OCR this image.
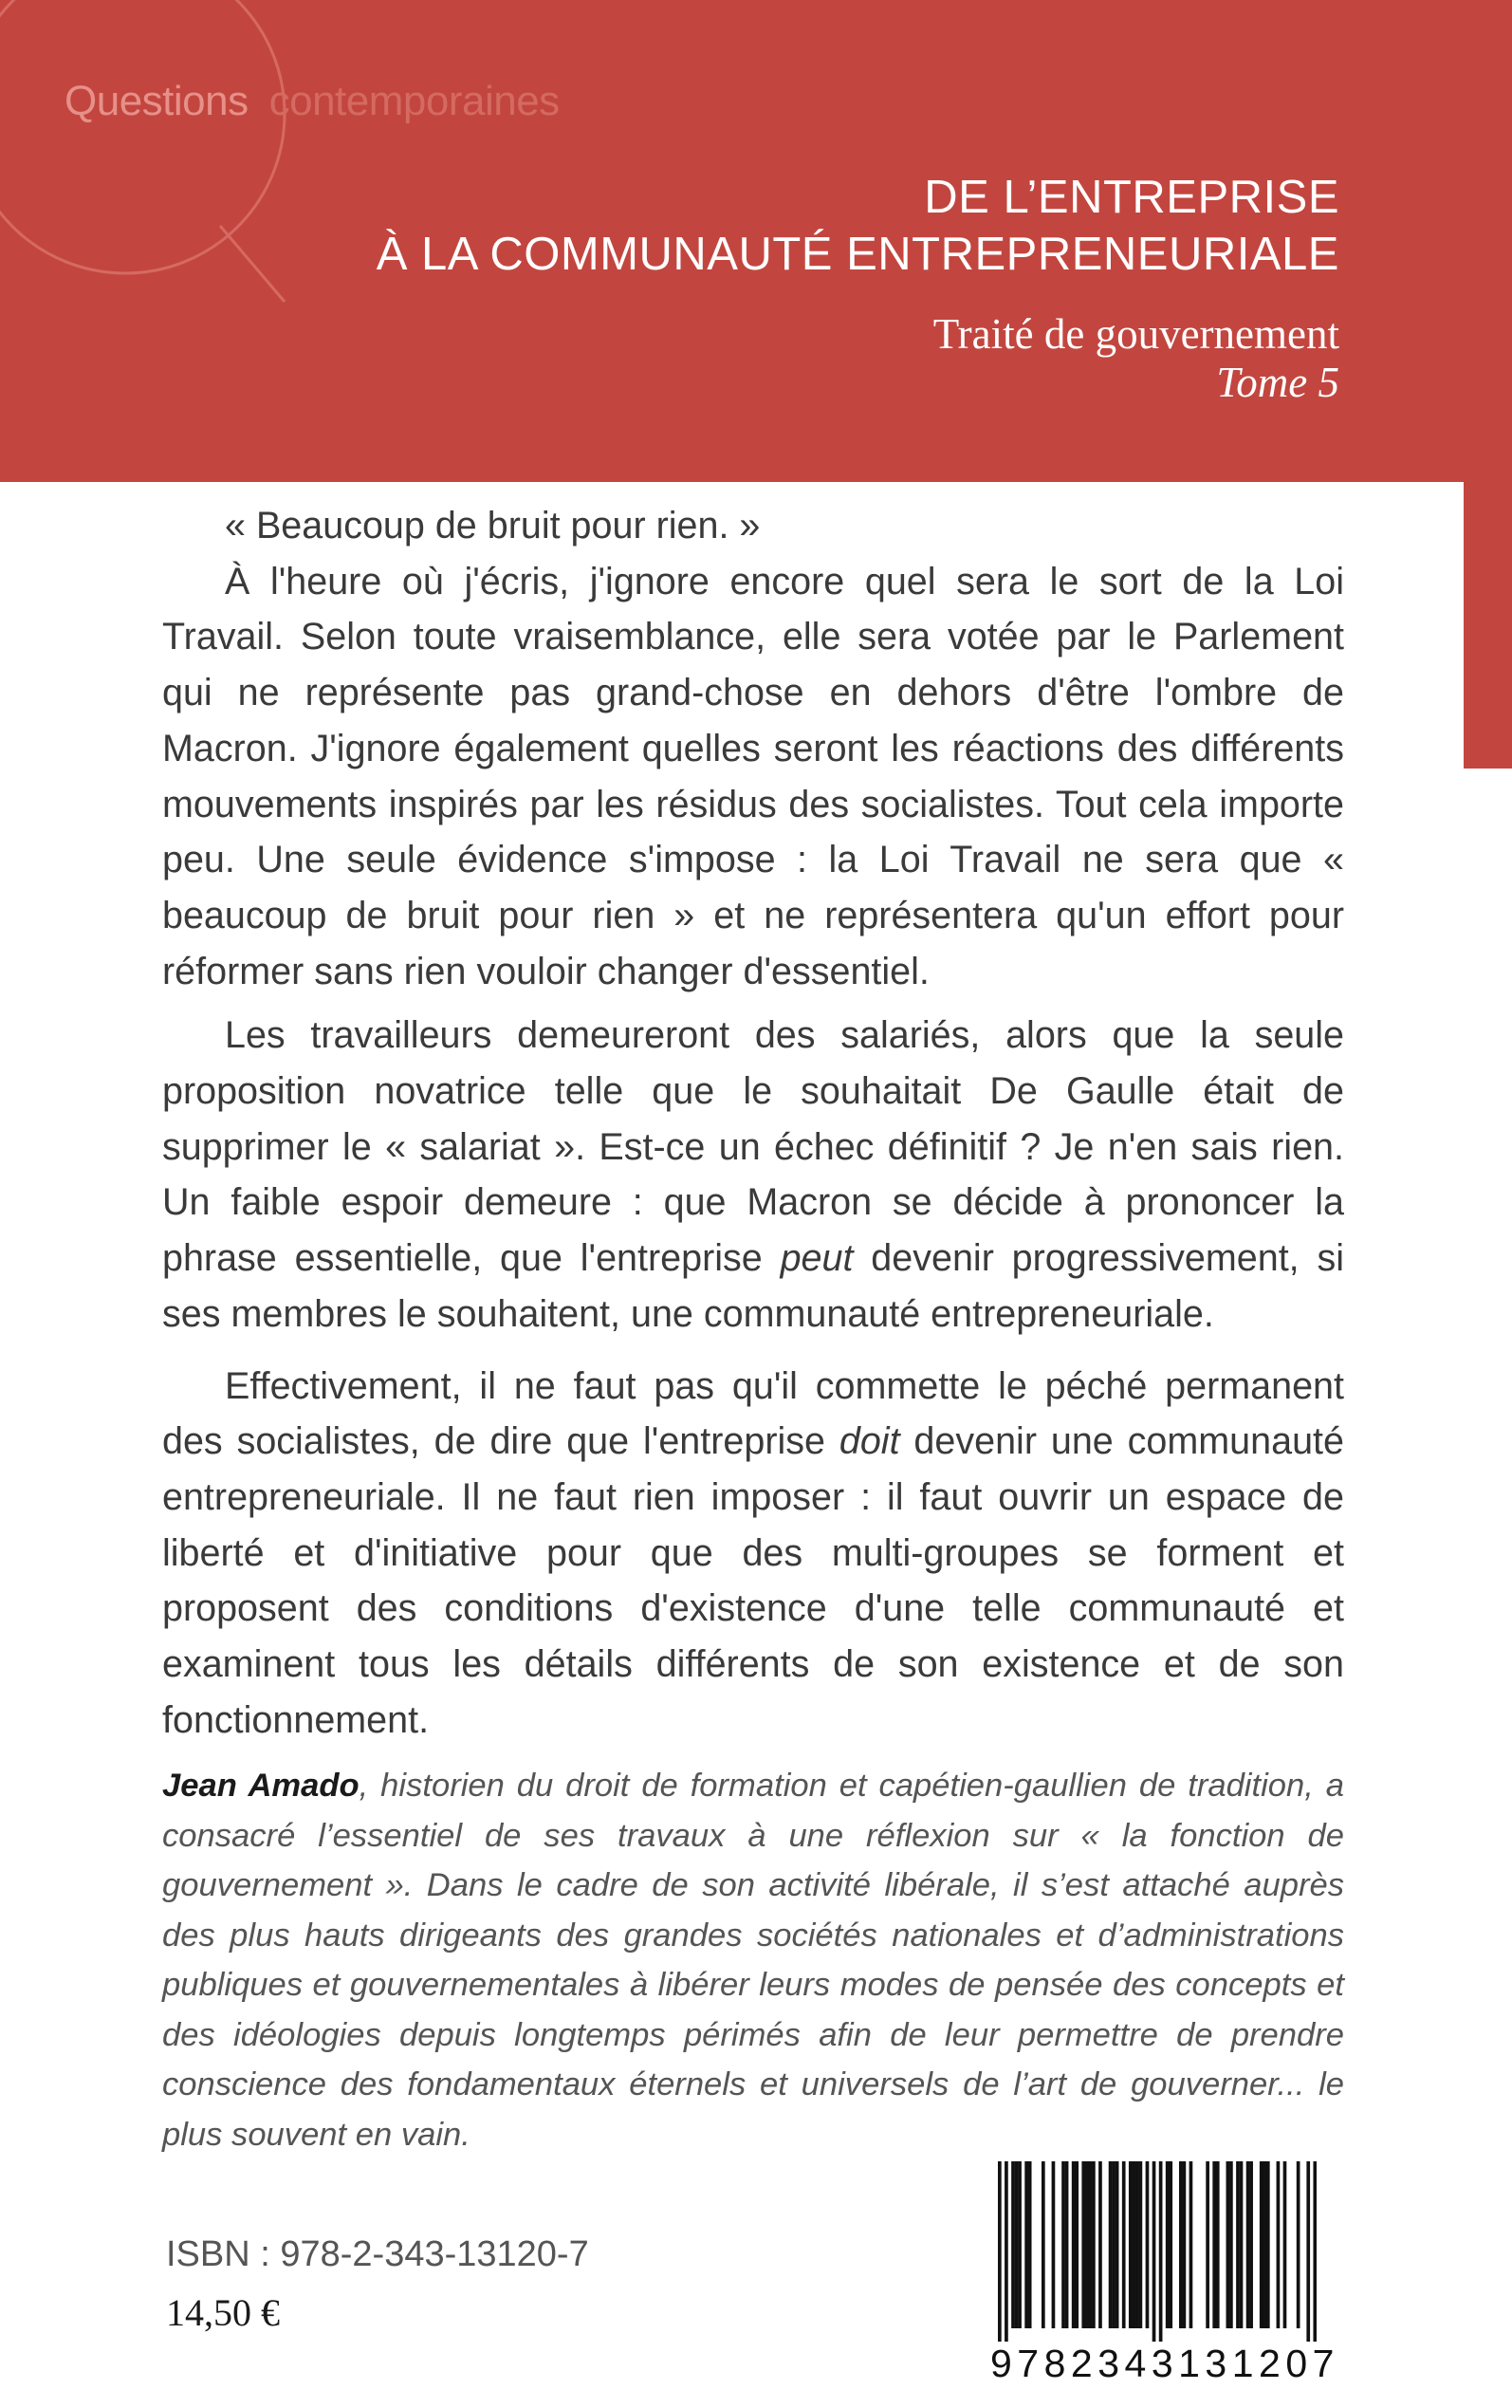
Questions contemporaines
DE L’ENTREPRISE
À LA COMMUNAUTÉ ENTREPRENEURIALE
Traité de gouvernement
Tome 5

« Beaucoup de bruit pour rien. »

À l'heure où j'écris, j'ignore encore quel sera le sort de la Loi Travail. Selon toute vraisemblance, elle sera votée par le Parlement qui ne représente pas grand-chose en dehors d'être l'ombre de Macron. J'ignore également quelles seront les réactions des différents mouvements inspirés par les résidus des socialistes. Tout cela importe peu. Une seule évidence s'impose : la Loi Travail ne sera que « beaucoup de bruit pour rien » et ne représentera qu'un effort pour réformer sans rien vouloir changer d'essentiel.

Les travailleurs demeureront des salariés, alors que la seule proposition novatrice telle que le souhaitait De Gaulle était de supprimer le « salariat ». Est-ce un échec définitif ? Je n'en sais rien. Un faible espoir demeure : que Macron se décide à prononcer la phrase essentielle, que l'entreprise peut devenir progressivement, si ses membres le souhaitent, une communauté entrepreneuriale.

Effectivement, il ne faut pas qu'il commette le péché permanent des socialistes, de dire que l'entreprise doit devenir une communauté entrepreneuriale. Il ne faut rien imposer : il faut ouvrir un espace de liberté et d'initiative pour que des multi-groupes se forment et proposent des conditions d'existence d'une telle communauté et examinent tous les détails différents de son existence et de son fonctionnement.

Jean Amado, historien du droit de formation et capétien-gaullien de tradition, a consacré l’essentiel de ses travaux à une réflexion sur « la fonction de gouvernement ». Dans le cadre de son activité libérale, il s’est attaché auprès des plus hauts dirigeants des grandes sociétés nationales et d’administrations publiques et gouvernementales à libérer leurs modes de pensée des concepts et des idéologies depuis longtemps périmés afin de leur permettre de prendre conscience des fondamentaux éternels et universels de l’art de gouverner... le plus souvent en vain.
ISBN : 978-2-343-13120-7
14,50 €
9782343131207
